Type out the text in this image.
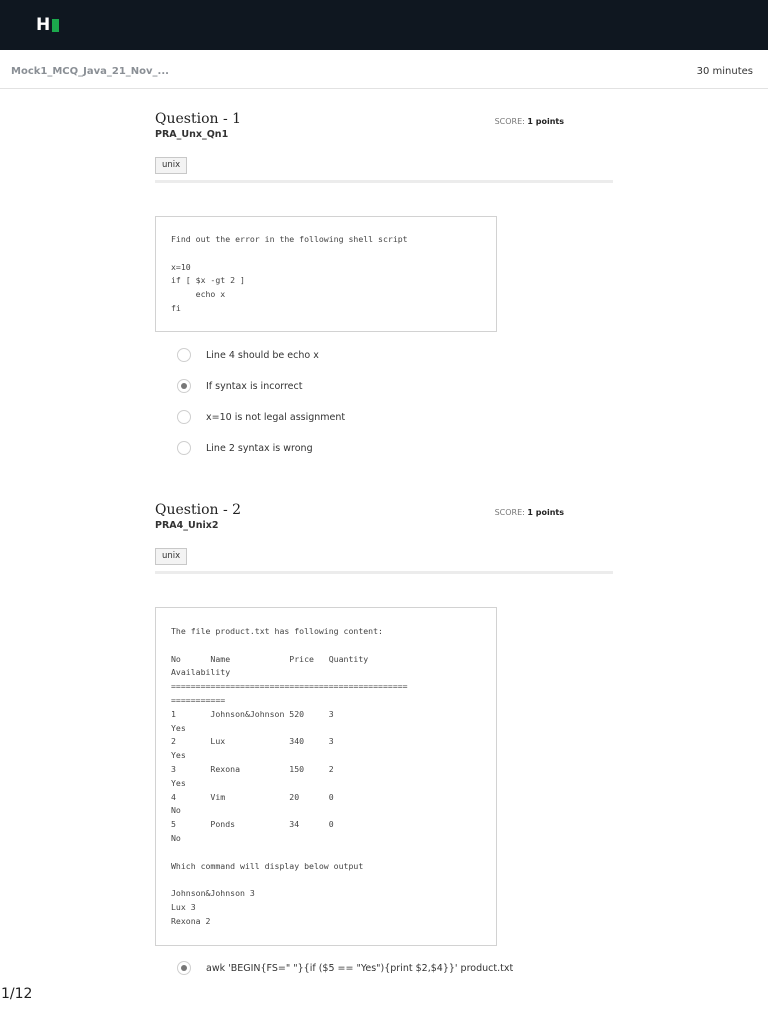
H
Mock1_MCQ_Java_21_Nov_...	30 minutes
Question - 1
PRA_Unx_Qn1
SCORE: 1 points
unix
Find out the error in the following shell script

x=10
if [ $x -gt 2 ]
echo x
fi
Line 4 should be echo x
If syntax is incorrect
x=10 is not legal assignment
Line 2 syntax is wrong
Question - 2
PRA4_Unix2
SCORE: 1 points
unix
The file product.txt has following content:

No      Name            Price   Quantity
Availability
================================================
===========
1       Johnson&Johnson 520     3
Yes
2       Lux             340     3
Yes
3       Rexona          150     2
Yes
4       Vim             20      0
No
5       Ponds           34      0
No

Which command will display below output

Johnson&Johnson 3
Lux 3
Rexona 2
awk 'BEGIN{FS=" "}{if ($5 == "Yes"){print $2,$4}}' product.txt
1/12
